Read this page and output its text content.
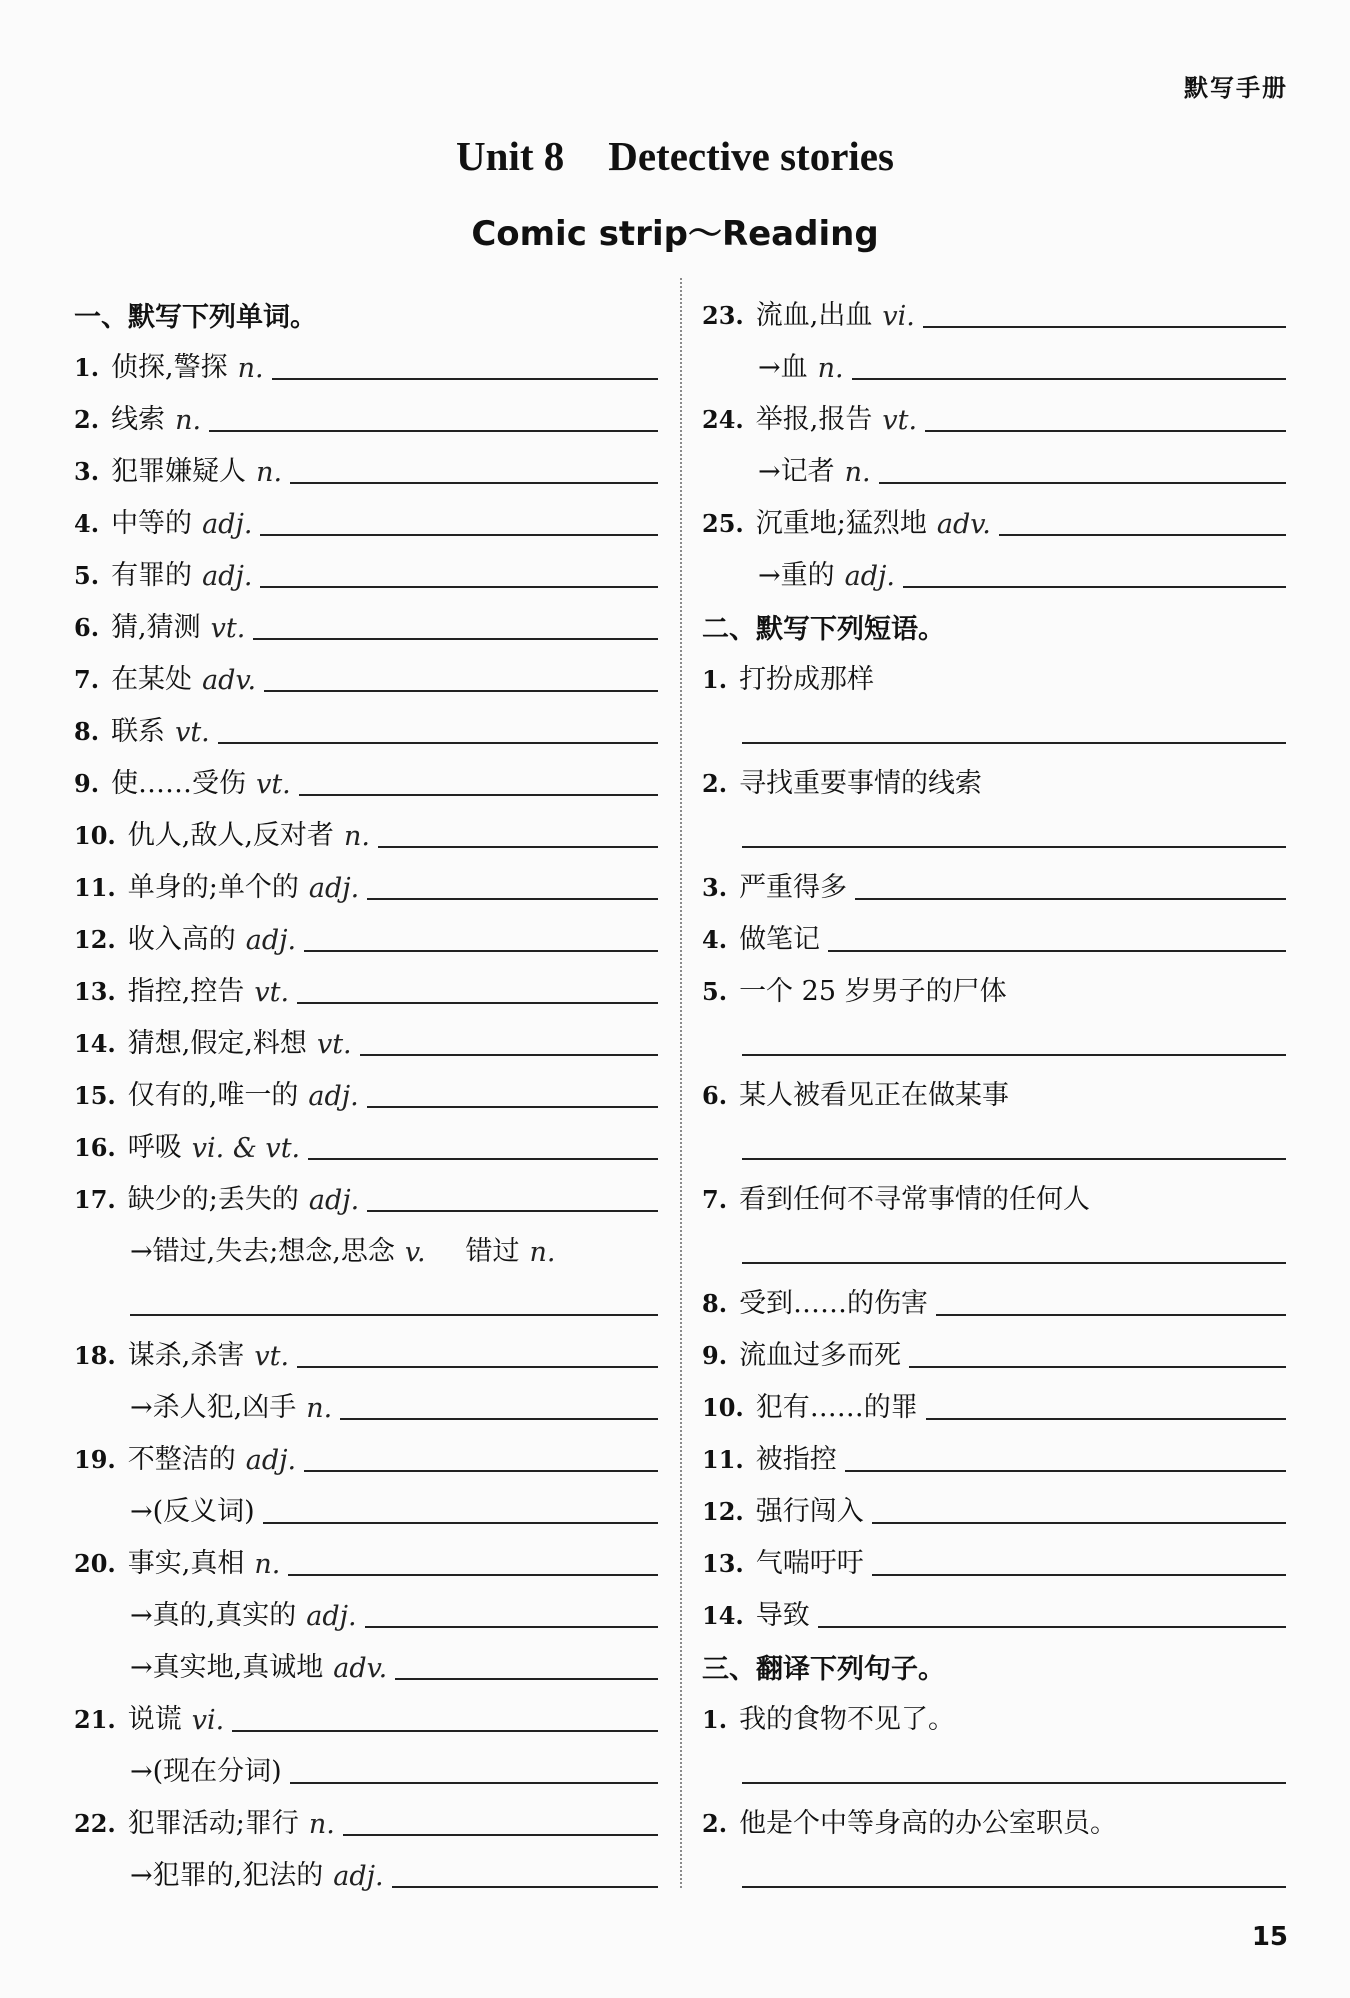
默写手册
Unit 8 Detective stories
Comic strip～Reading
一、默写下列单词。
1. 侦探,警探 n.
2. 线索 n.
3. 犯罪嫌疑人 n.
4. 中等的 adj.
5. 有罪的 adj.
6. 猜,猜测 vt.
7. 在某处 adv.
8. 联系 vt.
9. 使……受伤 vt.
10. 仇人,敌人,反对者 n.
11. 单身的;单个的 adj.
12. 收入高的 adj.
13. 指控,控告 vt.
14. 猜想,假定,料想 vt.
15. 仅有的,唯一的 adj.
16. 呼吸 vi. & vt.
17. 缺少的;丢失的 adj.
→错过,失去;想念,思念 v. 错过 n.
18. 谋杀,杀害 vt.
→杀人犯,凶手 n.
19. 不整洁的 adj.
→(反义词)
20. 事实,真相 n.
→真的,真实的 adj.
→真实地,真诚地 adv.
21. 说谎 vi.
→(现在分词)
22. 犯罪活动;罪行 n.
→犯罪的,犯法的 adj.
23. 流血,出血 vi.
→血 n.
24. 举报,报告 vt.
→记者 n.
25. 沉重地;猛烈地 adv.
→重的 adj.
二、默写下列短语。
1. 打扮成那样
2. 寻找重要事情的线索
3. 严重得多
4. 做笔记
5. 一个 25 岁男子的尸体
6. 某人被看见正在做某事
7. 看到任何不寻常事情的任何人
8. 受到……的伤害
9. 流血过多而死
10. 犯有……的罪
11. 被指控
12. 强行闯入
13. 气喘吁吁
14. 导致
三、翻译下列句子。
1. 我的食物不见了。
2. 他是个中等身高的办公室职员。
15
